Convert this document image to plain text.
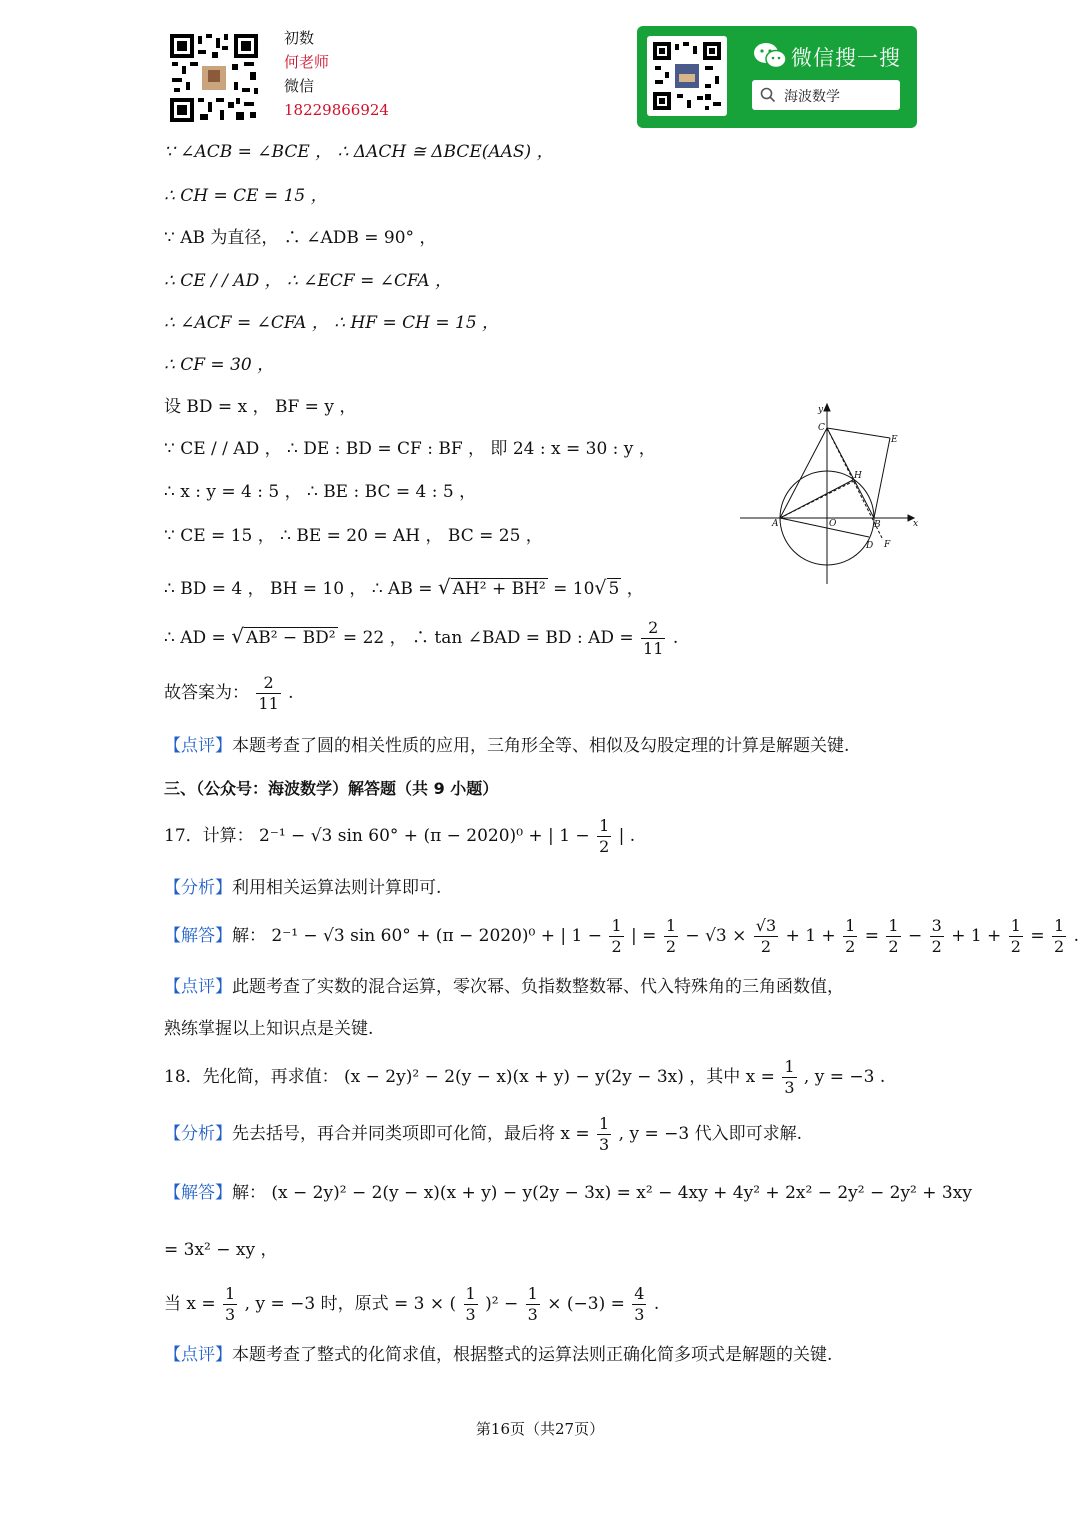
初数
何老师
微信
18229866924
微信搜一搜
海波数学
∵ ∠ACB = ∠BCE ， ∴ ΔACH ≅ ΔBCE(AAS) ，
∴ CH = CE = 15 ，
∵ AB 为直径， ∴ ∠ADB = 90° ，
∴ CE / / AD ， ∴ ∠ECF = ∠CFA ，
∴ ∠ACF = ∠CFA ， ∴ HF = CH = 15 ，
∴ CF = 30 ，
设 BD = x ， BF = y ，
∵ CE / / AD ， ∴ DE : BD = CF : BF ， 即 24 : x = 30 : y ，
∴ x : y = 4 : 5 ， ∴ BE : BC = 4 : 5 ，
∵ CE = 15 ， ∴ BE = 20 = AH ， BC = 25 ，
∴ BD = 4 ， BH = 10 ， ∴ AB = √ AH² + BH² = 10√ 5 ，
∴ AD = √ AB² − BD² = 22 ， ∴ tan ∠BAD = BD : AD = $\frac{2}{11}$ .
故答案为： $\frac{2}{11}$ .
【点评】本题考查了圆的相关性质的应用，三角形全等、相似及勾股定理的计算是解题关键.
三、（公众号：海波数学）解答题（共 9 小题）
17．计算： 2⁻¹ − √3 sin 60° + (π − 2020)⁰ + | $1 - \frac{1}{2}$ | .
【分析】利用相关运算法则计算即可.
【解答】解： 2⁻¹ − √3 sin 60° + (π − 2020)⁰ + | $1 - \frac{1}{2}$ | = $\frac{1}{2} - √3 \times \frac{√3}{2} + 1 + \frac{1}{2} = \frac{1}{2} - \frac{3}{2} + 1 + \frac{1}{2} = \frac{1}{2}$ .
【点评】此题考查了实数的混合运算，零次幂、负指数整数幂、代入特殊角的三角函数值，
熟练掌握以上知识点是关键.
18．先化简，再求值： (x − 2y)² − 2(y − x)(x + y) − y(2y − 3x) ，其中 $x = \frac{1}{3}$ , y = −3 .
【分析】先去括号，再合并同类项即可化简，最后将 $x = \frac{1}{3}$ , y = −3 代入即可求解.
【解答】解： (x − 2y)² − 2(y − x)(x + y) − y(2y − 3x) = x² − 4xy + 4y² + 2x² − 2y² − 2y² + 3xy
= 3x² − xy ，
当 $x = \frac{1}{3}$ , y = −3 时，原式 = 3 × ( $\frac{1}{3} )^2 - \frac{1}{3} \times (-3) = \frac{4}{3}$ .
【点评】本题考查了整式的化简求值，根据整式的运算法则正确化简多项式是解题的关键.
y
x
C
E
H
A	O	B
D F
第16页（共27页）
